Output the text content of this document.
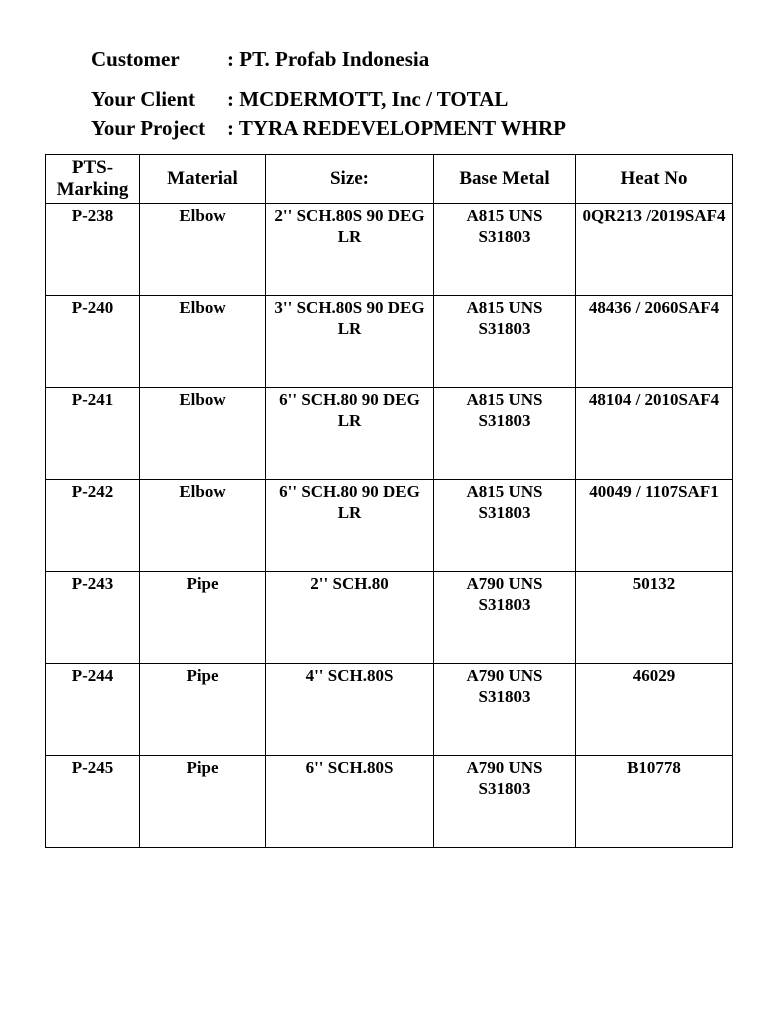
Customer : PT. Profab Indonesia
Your Client : MCDERMOTT, Inc / TOTAL
Your Project : TYRA REDEVELOPMENT WHRP
PTS-Marking	Material	Size:	Base Metal	Heat No
P-238	Elbow	2'' SCH.80S 90 DEG LR	A815 UNS S31803	0QR213 /2019SAF4
P-240	Elbow	3'' SCH.80S 90 DEG LR	A815 UNS S31803	48436 / 2060SAF4
P-241	Elbow	6'' SCH.80 90 DEG LR	A815 UNS S31803	48104 / 2010SAF4
P-242	Elbow	6'' SCH.80 90 DEG LR	A815 UNS S31803	40049 / 1107SAF1
P-243	Pipe	2'' SCH.80	A790 UNS S31803	50132
P-244	Pipe	4'' SCH.80S	A790 UNS S31803	46029
P-245	Pipe	6'' SCH.80S	A790 UNS S31803	B10778
